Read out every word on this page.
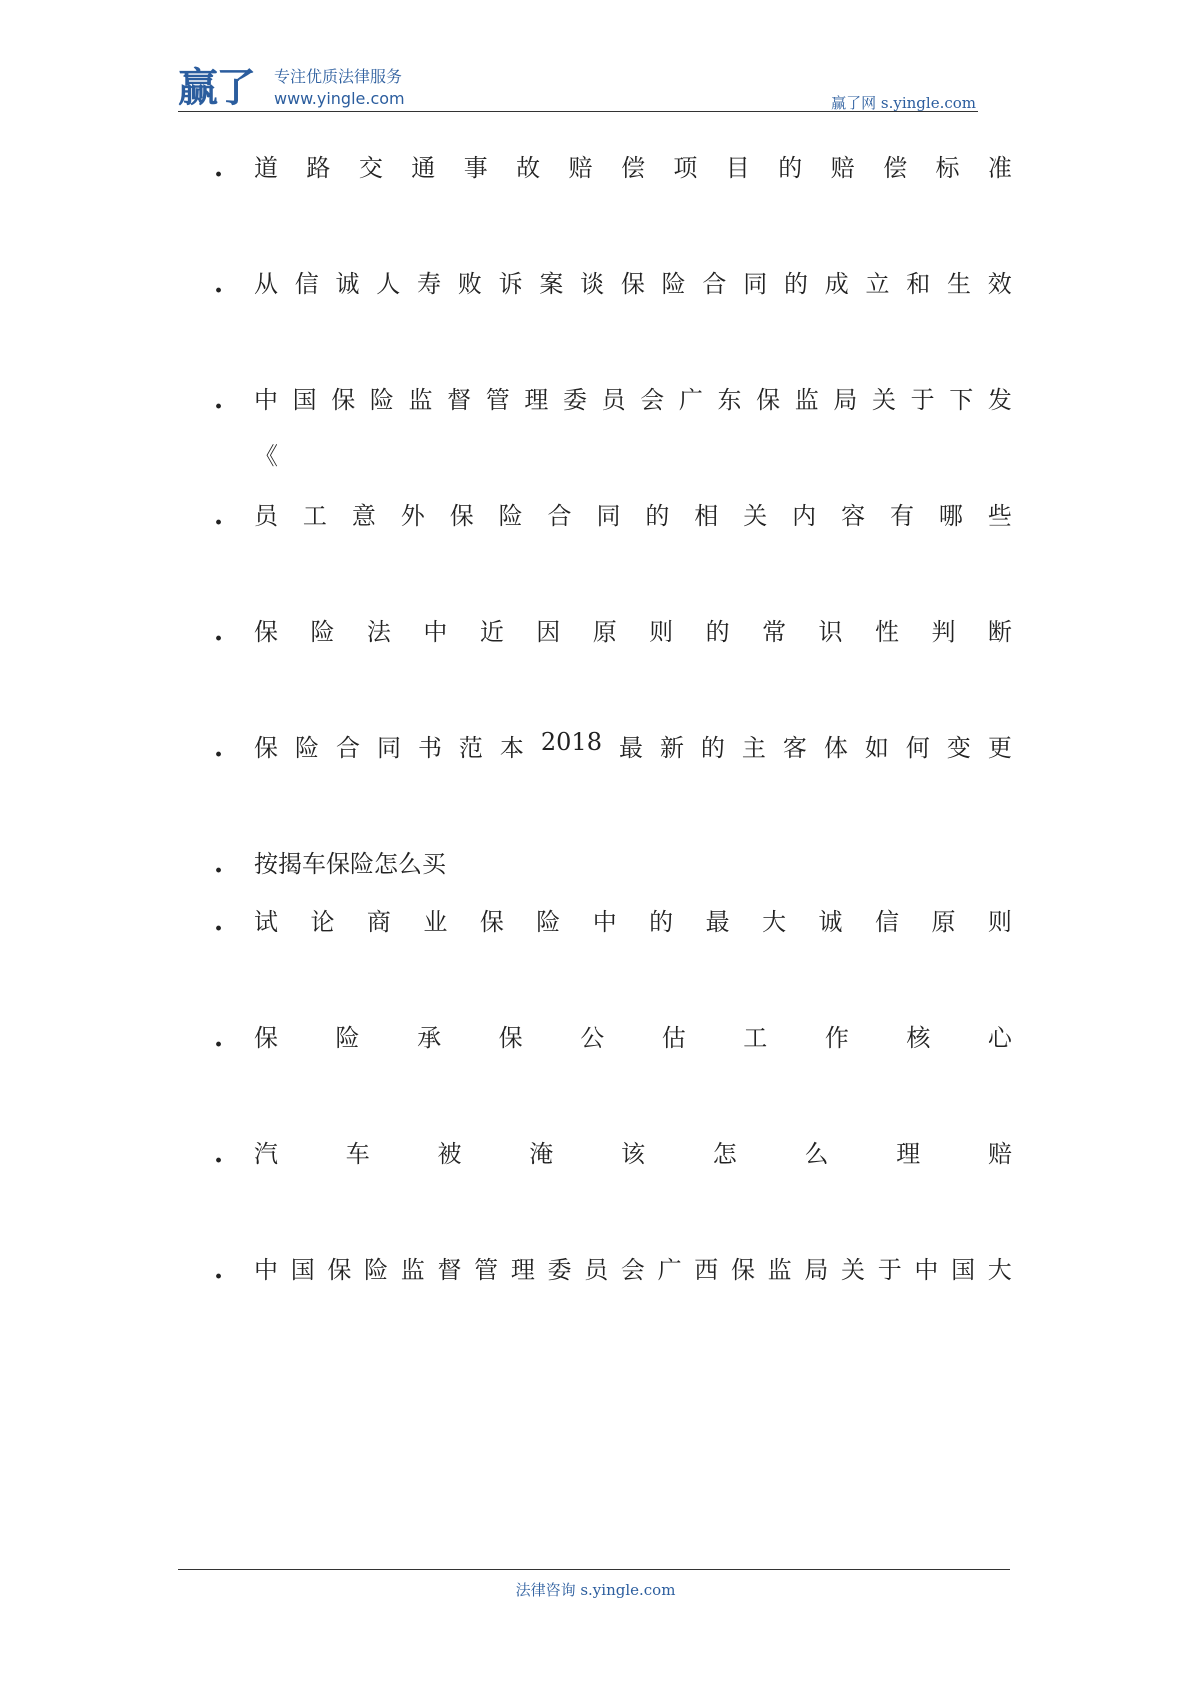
赢了 专注优质法律服务
www.yingle.com	赢了网 s.yingle.com
.	道 路 交 通 事 故 赔 偿 项 目 的 赔 偿 标 准
.	从 信 诚 人 寿 败 诉 案 谈 保 险 合 同 的 成 立 和 生 效
.	中 国 保 险 监 督 管 理 委 员 会 广 东 保 监 局 关 于 下 发
《
.	员 工 意 外 保 险 合 同 的 相 关 内 容 有 哪 些
.	保 险 法 中 近 因 原 则 的 常 识 性 判 断
.	保 险 合 同 书 范 本 2018 最 新 的 主 客 体 如 何 变 更
.	按揭车保险怎么买
.	试 论 商 业 保 险 中 的 最 大 诚 信 原 则
.	保 险 承 保 公 估 工 作 核 心
.	汽	车	被	淹	该	怎	么	理	赔
.	中 国 保 险 监 督 管 理 委 员 会 广 西 保 监 局 关 于 中 国 大
法律咨询 s.yingle.com
